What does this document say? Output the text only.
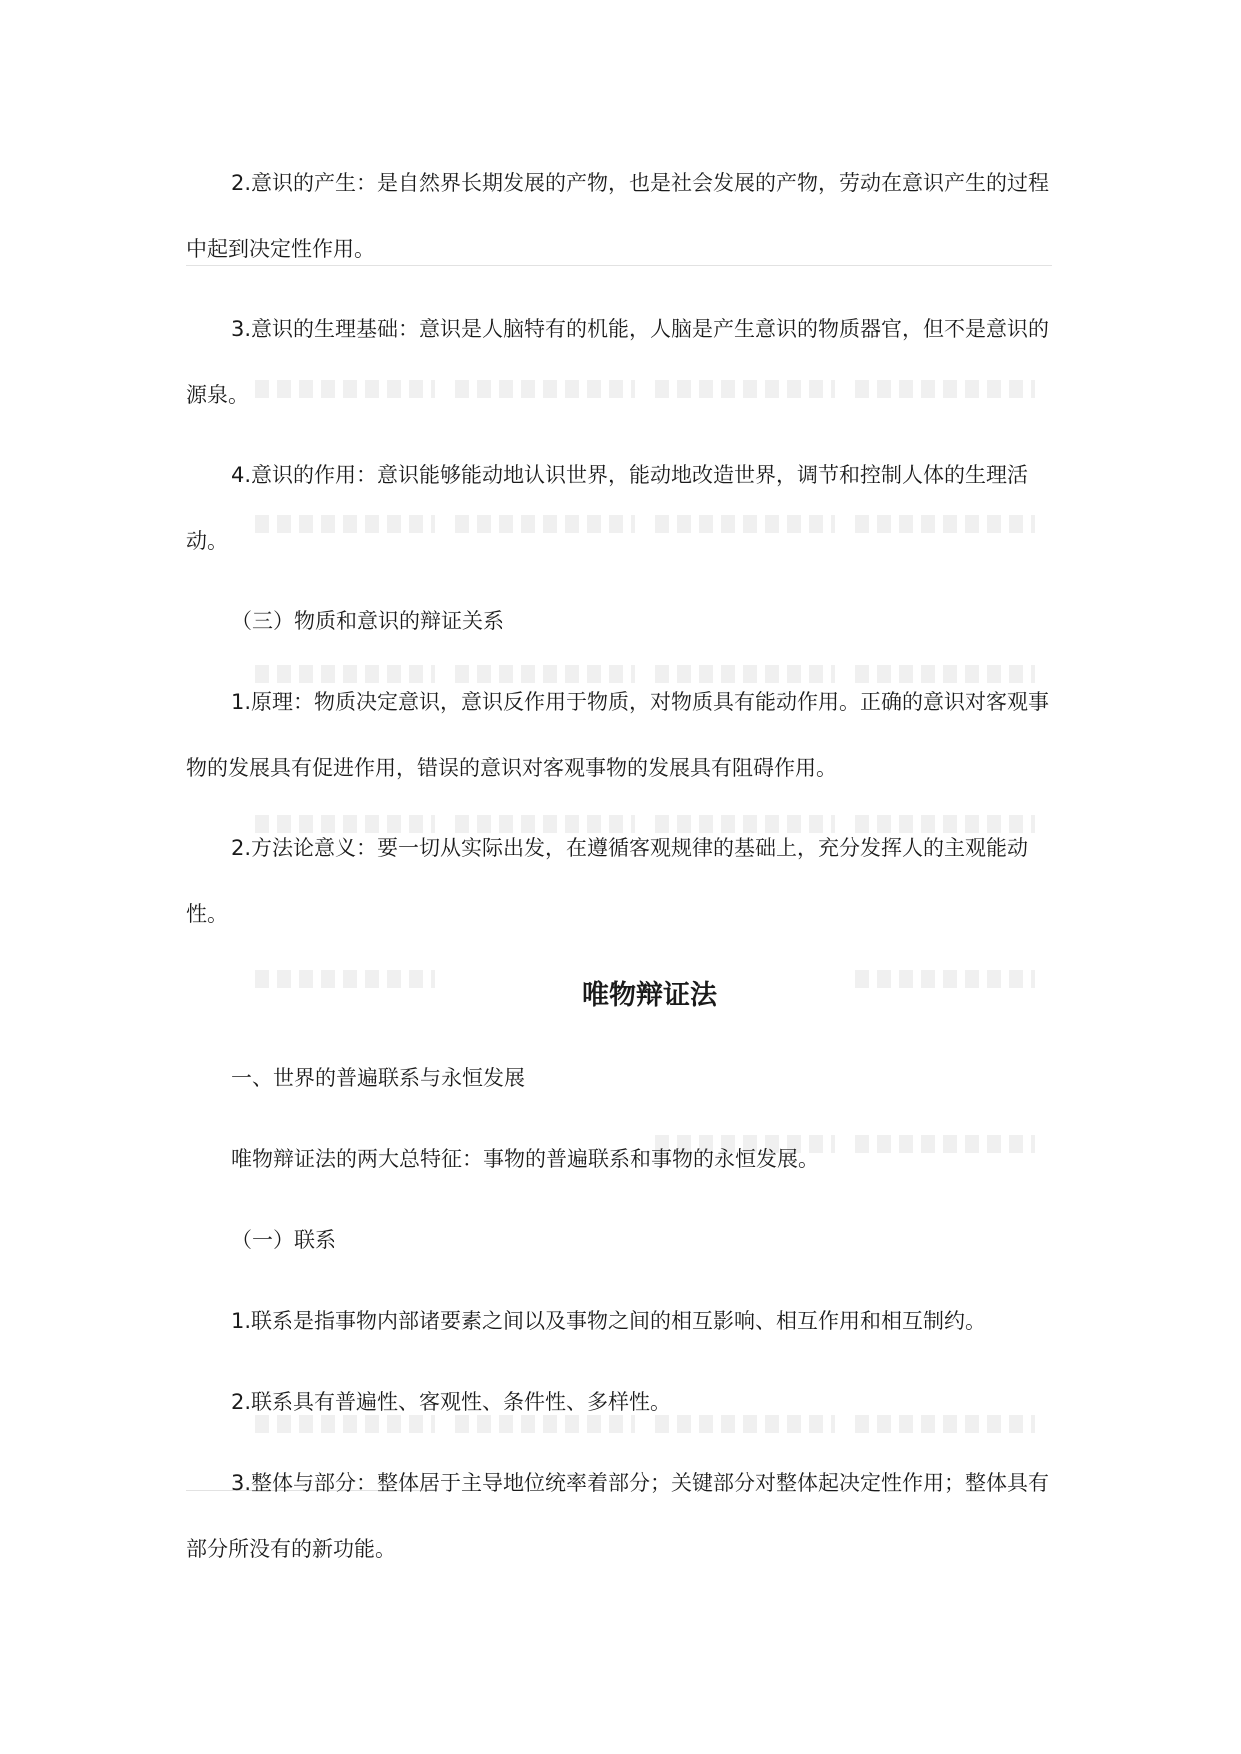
2.意识的产生：是自然界长期发展的产物，也是社会发展的产物，劳动在意识产生的过程中起到决定性作用。

3.意识的生理基础：意识是人脑特有的机能，人脑是产生意识的物质器官，但不是意识的源泉。

4.意识的作用：意识能够能动地认识世界，能动地改造世界，调节和控制人体的生理活动。

（三）物质和意识的辩证关系

1.原理：物质决定意识，意识反作用于物质，对物质具有能动作用。正确的意识对客观事物的发展具有促进作用，错误的意识对客观事物的发展具有阻碍作用。

2.方法论意义：要一切从实际出发，在遵循客观规律的基础上，充分发挥人的主观能动性。

唯物辩证法

一、世界的普遍联系与永恒发展

唯物辩证法的两大总特征：事物的普遍联系和事物的永恒发展。

（一）联系

1.联系是指事物内部诸要素之间以及事物之间的相互影响、相互作用和相互制约。

2.联系具有普遍性、客观性、条件性、多样性。

3.整体与部分：整体居于主导地位统率着部分；关键部分对整体起决定性作用；整体具有部分所没有的新功能。
